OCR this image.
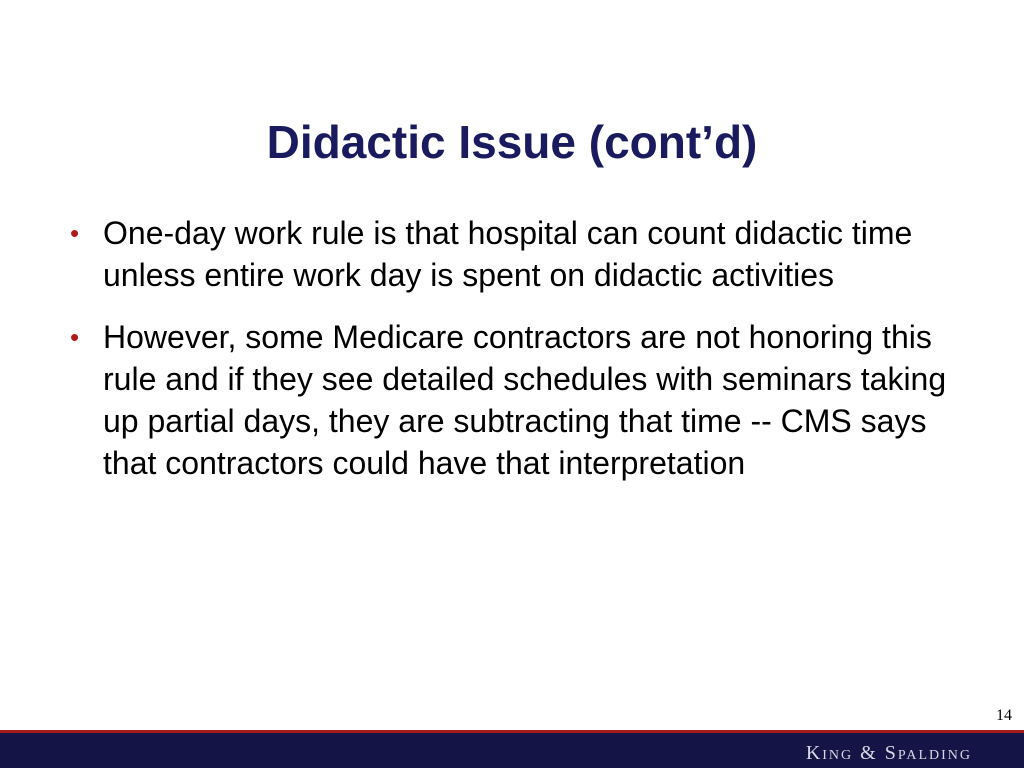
Didactic Issue (cont’d)
• One-day work rule is that hospital can count didactic time unless entire work day is spent on didactic activities
• However, some Medicare contractors are not honoring this rule and if they see detailed schedules with seminars taking up partial days, they are subtracting that time -- CMS says that contractors could have that interpretation
14
King & Spalding
